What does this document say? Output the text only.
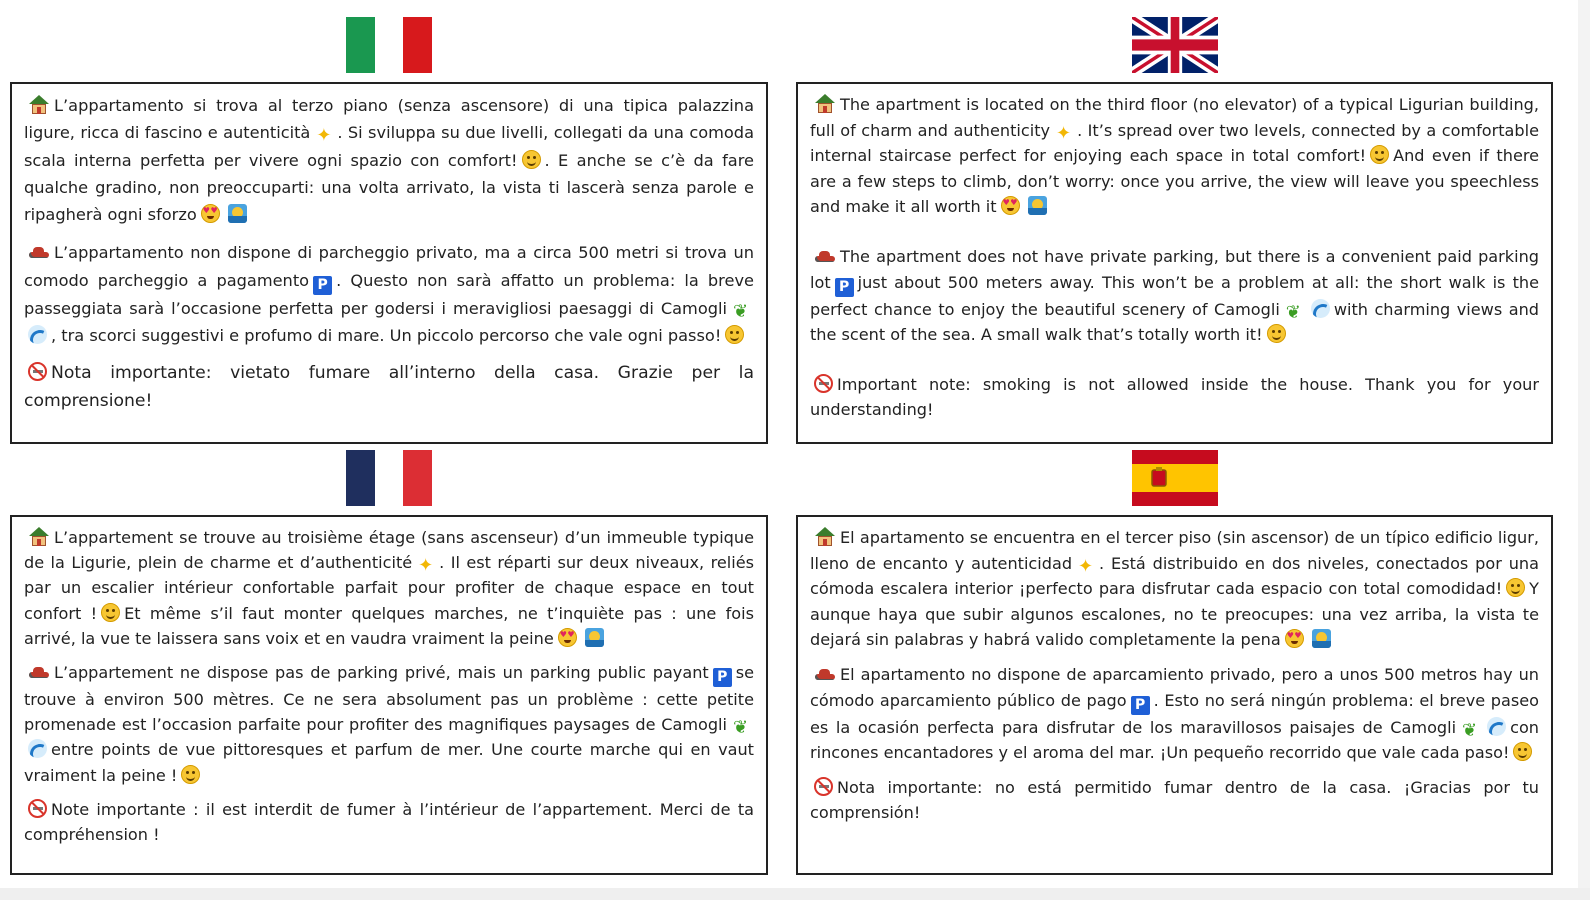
L’appartamento si trova al terzo piano (senza ascensore) di una tipica palazzina ligure, ricca di fascino e autenticità ✦ . Si sviluppa su due livelli, collegati da una comoda scala interna perfetta per vivere ogni spazio con comfort! . E anche se c’è da fare qualche gradino, non preoccuparti: una volta arrivato, la vista ti lascerà senza parole e ripagherà ogni sforzo♥ ♥

L’appartamento non dispone di parcheggio privato, ma a circa 500 metri si trova un comodo parcheggio a pagamento P . Questo non sarà affatto un problema: la breve passeggiata sarà l’occasione perfetta per godersi i meravigliosi paesaggi di Camogli❦, tra scorci suggestivi e profumo di mare. Un piccolo percorso che vale ogni passo!

Nota importante: vietato fumare all’interno della casa. Grazie per la comprensione!

The apartment is located on the third floor (no elevator) of a typical Ligurian building, full of charm and authenticity ✦ . It’s spread over two levels, connected by a comfortable internal staircase perfect for enjoying each space in total comfort! And even if there are a few steps to climb, don’t worry: once you arrive, the view will leave you speechless and make it all worth it♥ ♥

The apartment does not have private parking, but there is a convenient paid parking lot P just about 500 meters away. This won’t be a problem at all: the short walk is the perfect chance to enjoy the beautiful scenery of Camogli ❦	with charming views and the scent of the sea. A small walk that’s totally worth it!

Important note: smoking is not allowed inside the house. Thank you for your understanding!

L’appartement se trouve au troisième étage (sans ascenseur) d’un immeuble typique de la Ligurie, plein de charme et d’authenticité ✦ . Il est réparti sur deux niveaux, reliés par un escalier intérieur confortable parfait pour profiter de chaque espace en tout confort ! Et même s’il faut monter quelques marches, ne t’inquiète pas : une fois arrivé, la vue te laissera sans voix et en vaudra vraiment la peine♥ ♥

L’appartement ne dispose pas de parking privé, mais un parking public payant P se trouve à environ 500 mètres. Ce ne sera absolument pas un problème : cette petite promenade est l’occasion parfaite pour profiter des magnifiques paysages de Camogli❦entre points de vue pittoresques et parfum de mer. Une courte marche qui en vaut vraiment la peine !

Note importante : il est interdit de fumer à l’intérieur de l’appartement. Merci de ta compréhension !

El apartamento se encuentra en el tercer piso (sin ascensor) de un típico edificio ligur, lleno de encanto y autenticidad ✦ . Está distribuido en dos niveles, conectados por una cómoda escalera interior ¡perfecto para disfrutar cada espacio con total comodidad! Y aunque haya que subir algunos escalones, no te preocupes: una vez arriba, la vista te dejará sin palabras y habrá valido completamente la pena♥ ♥

El apartamento no dispone de aparcamiento privado, pero a unos 500 metros hay un cómodo aparcamiento público de pago P . Esto no será ningún problema: el breve paseo es la ocasión perfecta para disfrutar de los maravillosos paisajes de Camogli❦	con rincones encantadores y el aroma del mar. ¡Un pequeño recorrido que vale cada paso!

Nota importante: no está permitido fumar dentro de la casa. ¡Gracias por tu comprensión!
